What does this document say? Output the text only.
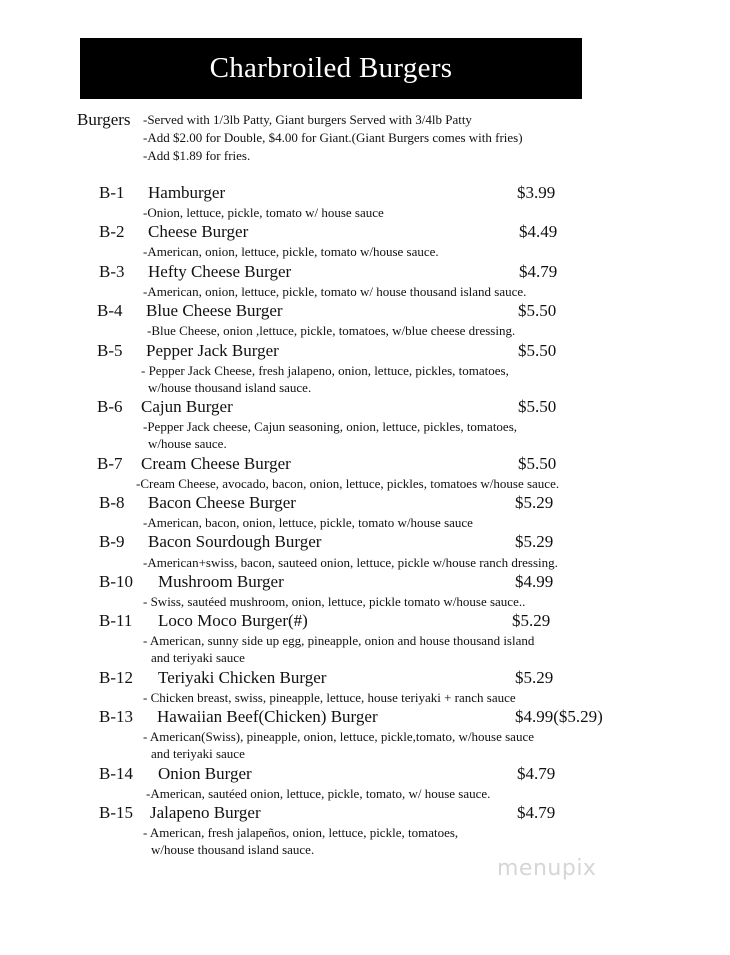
Charbroiled Burgers
Burgers -Served with 1/3lb Patty, Giant burgers Served with 3/4lb Patty
-Add $2.00 for Double, $4.00 for Giant.(Giant Burgers comes with fries)
-Add $1.89 for fries.
B-1 Hamburger	$3.99
-Onion, lettuce, pickle, tomato w/ house sauce
B-2 Cheese Burger	$4.49
-American, onion, lettuce, pickle, tomato w/house sauce.
B-3 Hefty Cheese Burger	$4.79
-American, onion, lettuce, pickle, tomato w/ house thousand island sauce.
B-4 Blue Cheese Burger	$5.50
-Blue Cheese, onion ,lettuce, pickle, tomatoes, w/blue cheese dressing.
B-5 Pepper Jack Burger	$5.50
- Pepper Jack Cheese, fresh jalapeno, onion, lettuce, pickles, tomatoes,
w/house thousand island sauce.
B-6 Cajun Burger	$5.50
-Pepper Jack cheese, Cajun seasoning, onion, lettuce, pickles, tomatoes,
w/house sauce.
B-7 Cream Cheese Burger	$5.50
-Cream Cheese, avocado, bacon, onion, lettuce, pickles, tomatoes w/house sauce.
B-8 Bacon Cheese Burger	$5.29
-American, bacon, onion, lettuce, pickle, tomato w/house sauce
B-9 Bacon Sourdough Burger	$5.29
-American+swiss, bacon, sauteed onion, lettuce, pickle w/house ranch dressing.
B-10 Mushroom Burger	$4.99
- Swiss, sautéed mushroom, onion, lettuce, pickle tomato w/house sauce..
B-11 Loco Moco Burger(#)	$5.29
- American, sunny side up egg, pineapple, onion and house thousand island
and teriyaki sauce
B-12 Teriyaki Chicken Burger	$5.29
- Chicken breast, swiss, pineapple, lettuce, house teriyaki + ranch sauce
B-13 Hawaiian Beef(Chicken) Burger	$4.99($5.29)
- American(Swiss), pineapple, onion, lettuce, pickle,tomato, w/house sauce
and teriyaki sauce
B-14 Onion Burger	$4.79
-American, sautéed onion, lettuce, pickle, tomato, w/ house sauce.
B-15 Jalapeno Burger	$4.79
- American, fresh jalapeños, onion, lettuce, pickle, tomatoes,
w/house thousand island sauce.
menupix
